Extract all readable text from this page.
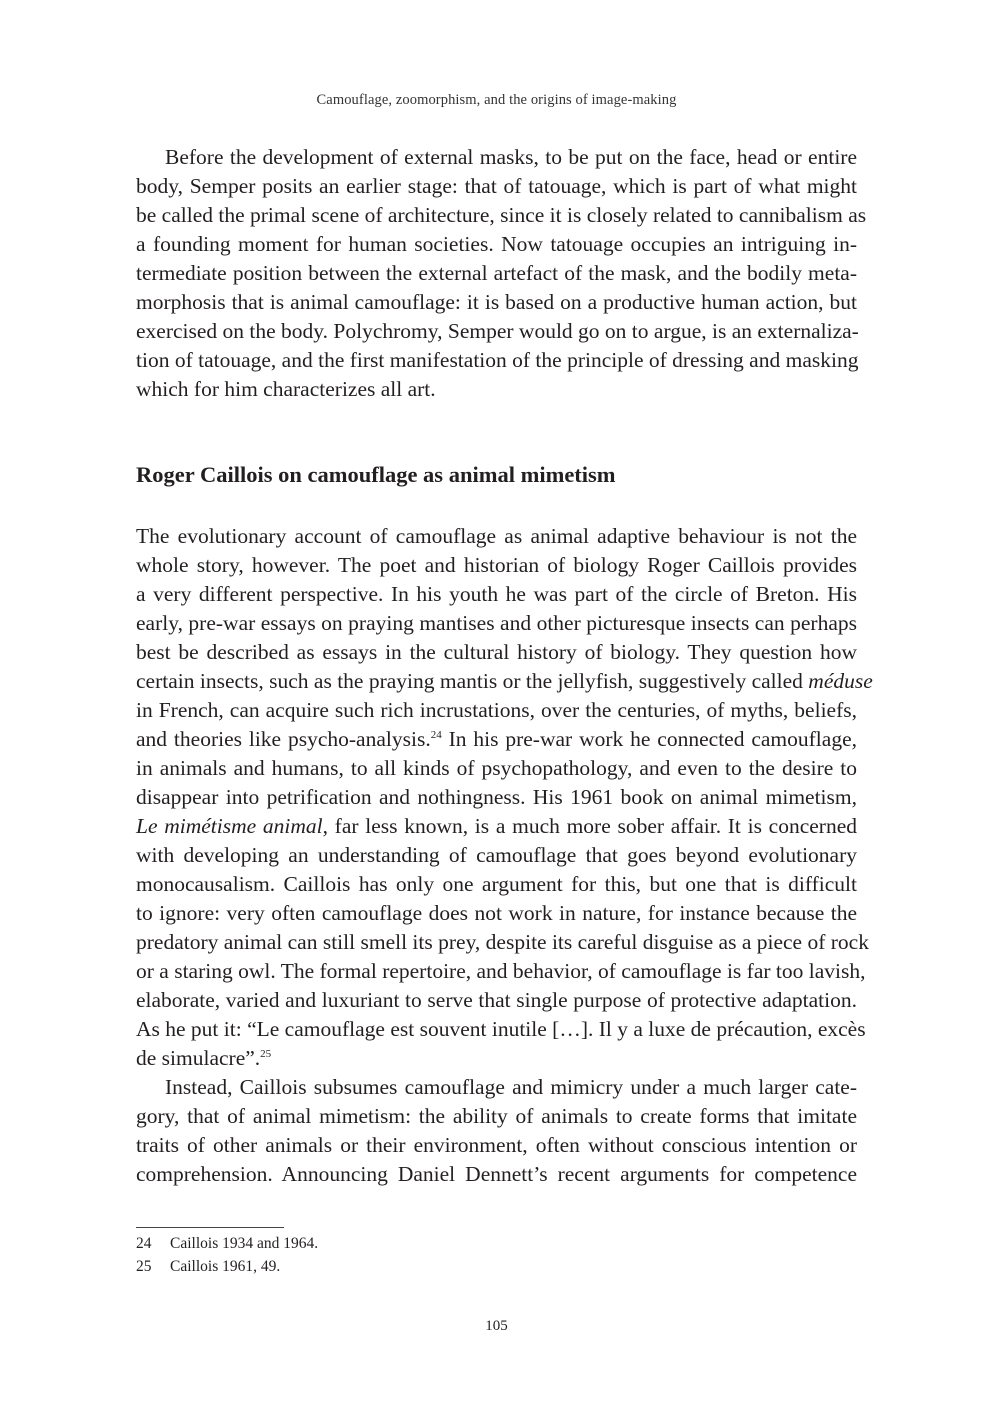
Camouflage, zoomorphism, and the origins of image-making
Before the development of external masks, to be put on the face, head or entire
body, Semper posits an earlier stage: that of tatouage, which is part of what might
be called the primal scene of architecture, since it is closely related to cannibalism as
a founding moment for human societies. Now tatouage occupies an intriguing in-
termediate position between the external artefact of the mask, and the bodily meta-
morphosis that is animal camouflage: it is based on a productive human action, but
exercised on the body. Polychromy, Semper would go on to argue, is an externaliza-
tion of tatouage, and the first manifestation of the principle of dressing and masking
which for him characterizes all art.
Roger Caillois on camouflage as animal mimetism
The evolutionary account of camouflage as animal adaptive behaviour is not the
whole story, however. The poet and historian of biology Roger Caillois provides
a very different perspective. In his youth he was part of the circle of Breton. His
early, pre-war essays on praying mantises and other picturesque insects can perhaps
best be described as essays in the cultural history of biology. They question how
certain insects, such as the praying mantis or the jellyfish, suggestively called méduse
in French, can acquire such rich incrustations, over the centuries, of myths, beliefs,
and theories like psycho-analysis.$^{24}$ In his pre-war work he connected camouflage,
in animals and humans, to all kinds of psychopathology, and even to the desire to
disappear into petrification and nothingness. His 1961 book on animal mimetism,
Le mimétisme animal, far less known, is a much more sober affair. It is concerned
with developing an understanding of camouflage that goes beyond evolutionary
monocausalism. Caillois has only one argument for this, but one that is difficult
to ignore: very often camouflage does not work in nature, for instance because the
predatory animal can still smell its prey, despite its careful disguise as a piece of rock
or a staring owl. The formal repertoire, and behavior, of camouflage is far too lavish,
elaborate, varied and luxuriant to serve that single purpose of protective adaptation.
As he put it: “Le camouflage est souvent inutile […]. Il y a luxe de précaution, excès
de simulacre”.$^{25}$
Instead, Caillois subsumes camouflage and mimicry under a much larger cate-
gory, that of animal mimetism: the ability of animals to create forms that imitate
traits of other animals or their environment, often without conscious intention or
comprehension. Announcing Daniel Dennett’s recent arguments for competence
24 Caillois 1934 and 1964.
25 Caillois 1961, 49.
105
